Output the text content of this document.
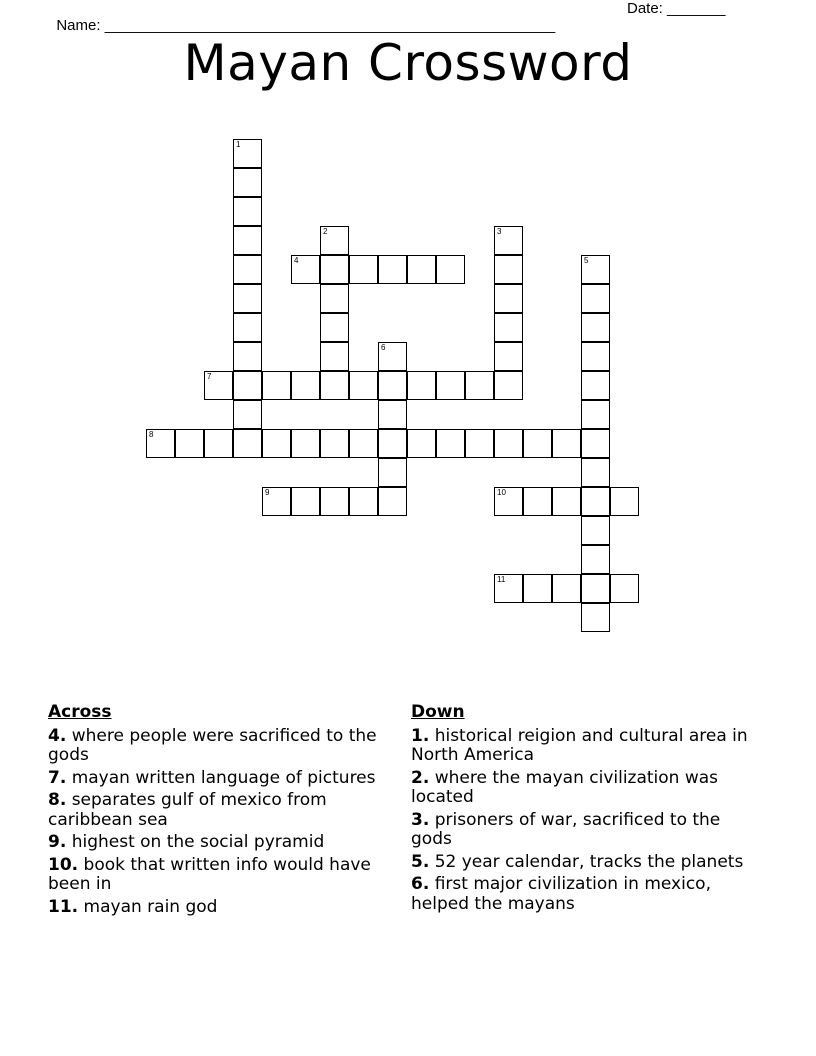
Name: ______________________________________________________

Date: _______

Mayan Crossword
1
2	3
4	5
6
7
8
9	10
11
Across
4. where people were sacrificed to the gods
7. mayan written language of pictures
8. separates gulf of mexico from caribbean sea
9. highest on the social pyramid
10. book that written info would have been in
11. mayan rain god
Down
1. historical reigion and cultural area in North America
2. where the mayan civilization was located
3. prisoners of war, sacrificed to the gods
5. 52 year calendar, tracks the planets
6. first major civilization in mexico, helped the mayans
